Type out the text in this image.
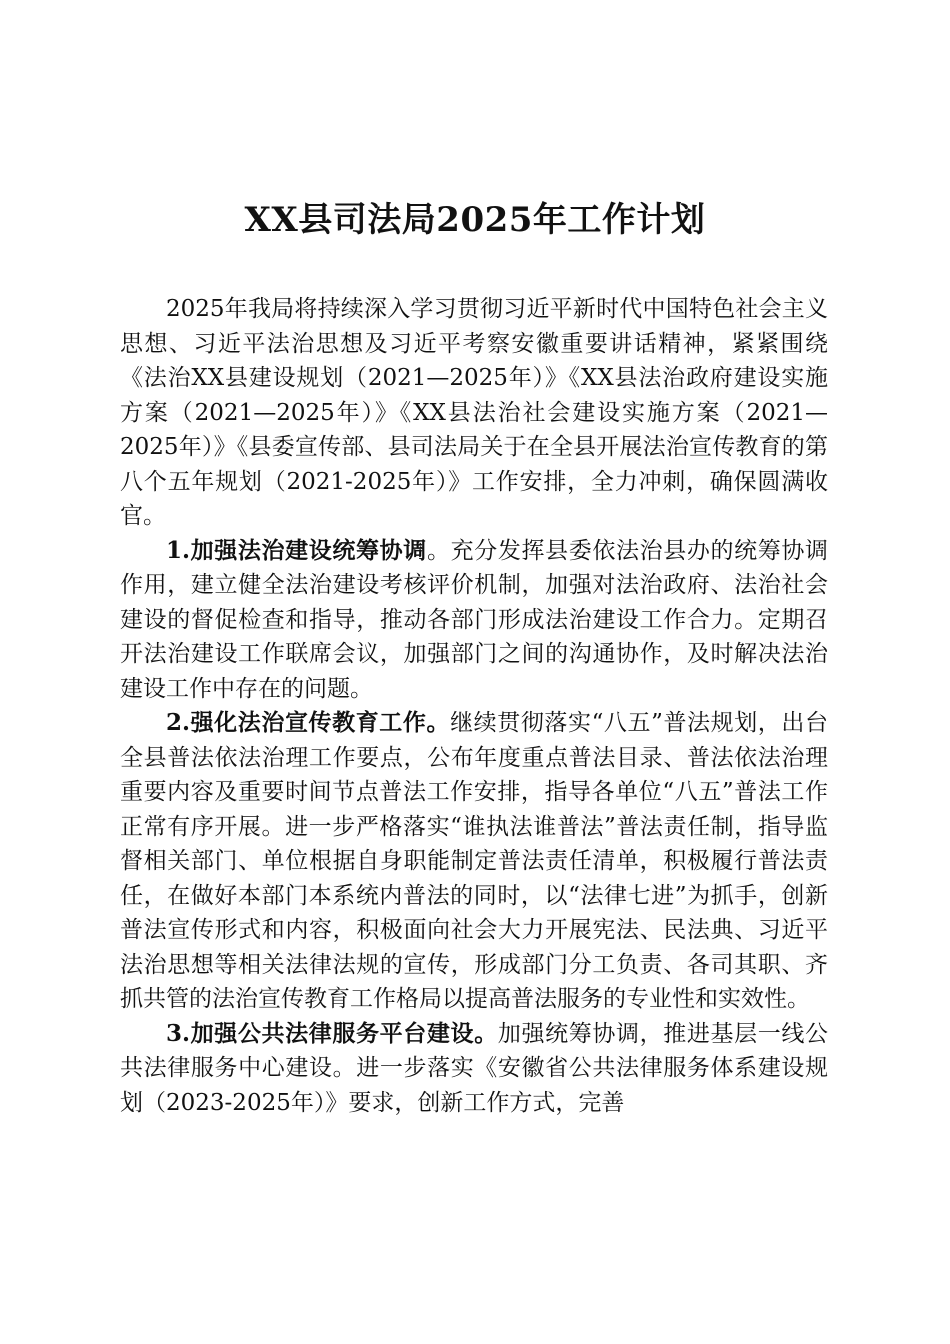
XX县司法局2025年工作计划

2025年我局将持续深入学习贯彻习近平新时代中国特色社会主义思想、习近平法治思想及习近平考察安徽重要讲话精神，紧紧围绕《法治XX县建设规划（2021—2025年）》《XX县法治政府建设实施方案（2021—2025年）》《XX县法治社会建设实施方案（2021—2025年）》《县委宣传部、县司法局关于在全县开展法治宣传教育的第八个五年规划（2021-2025年）》工作安排，全力冲刺，确保圆满收官。

1.加强法治建设统筹协调。充分发挥县委依法治县办的统筹协调作用，建立健全法治建设考核评价机制，加强对法治政府、法治社会建设的督促检查和指导，推动各部门形成法治建设工作合力。定期召开法治建设工作联席会议，加强部门之间的沟通协作，及时解决法治建设工作中存在的问题。

2.强化法治宣传教育工作。继续贯彻落实“八五”普法规划，出台全县普法依法治理工作要点，公布年度重点普法目录、普法依法治理重要内容及重要时间节点普法工作安排，指导各单位“八五”普法工作正常有序开展。进一步严格落实“谁执法谁普法”普法责任制，指导监督相关部门、单位根据自身职能制定普法责任清单，积极履行普法责任，在做好本部门本系统内普法的同时，以“法律七进”为抓手，创新普法宣传形式和内容，积极面向社会大力开展宪法、民法典、习近平法治思想等相关法律法规的宣传，形成部门分工负责、各司其职、齐抓共管的法治宣传教育工作格局以提高普法服务的专业性和实效性。

3.加强公共法律服务平台建设。加强统筹协调，推进基层一线公共法律服务中心建设。进一步落实《安徽省公共法律服务体系建设规划（2023-2025年）》要求，创新工作方式，完善
